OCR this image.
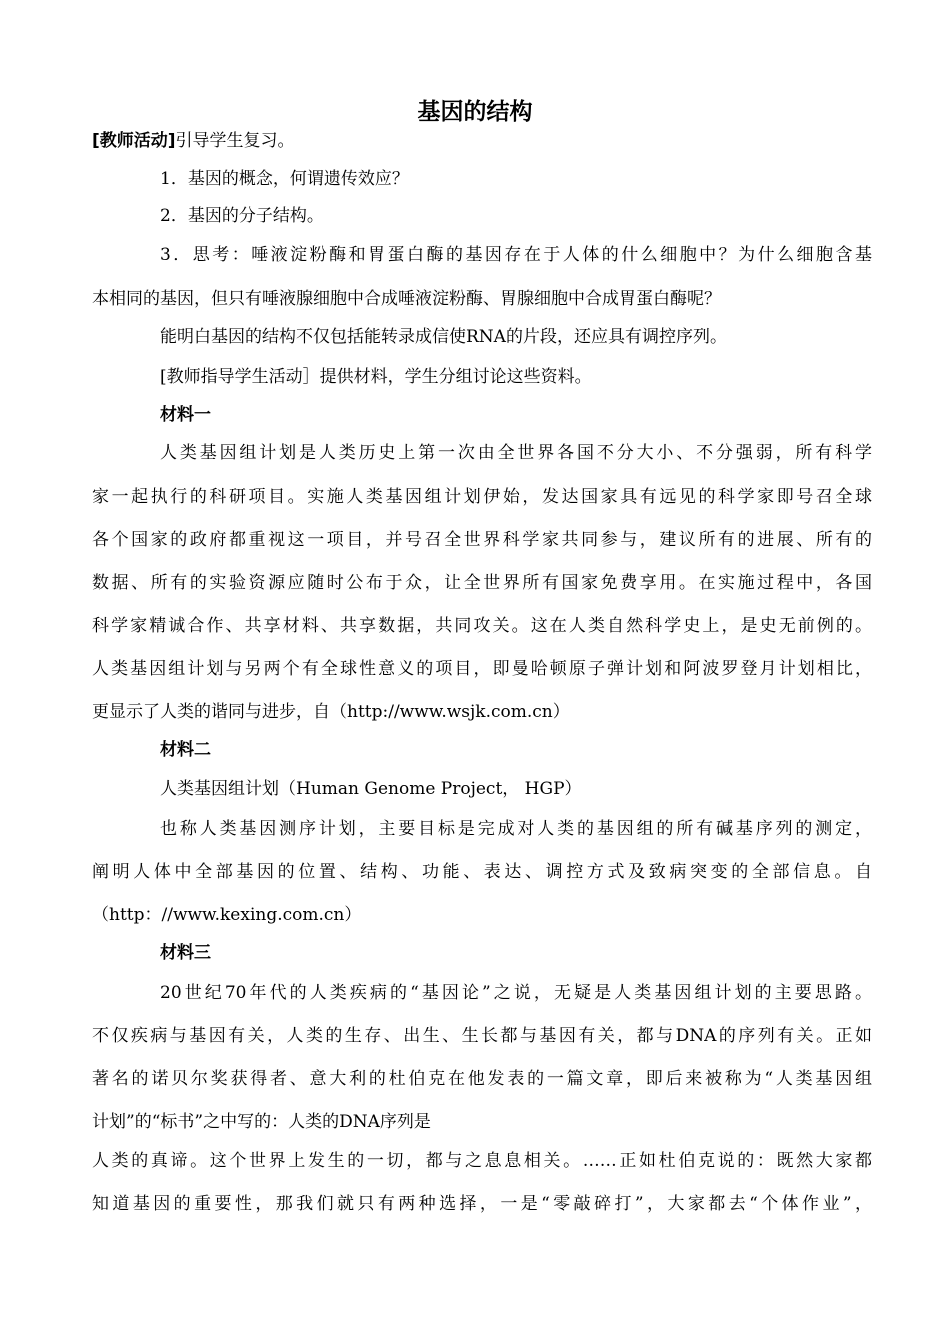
基因的结构

[教师活动]引导学生复习。

1．基因的概念，何谓遗传效应？

2．基因的分子结构。

3．思考：唾液淀粉酶和胃蛋白酶的基因存在于人体的什么细胞中？为什么细胞含基

本相同的基因，但只有唾液腺细胞中合成唾液淀粉酶、胃腺细胞中合成胃蛋白酶呢？

能明白基因的结构不仅包括能转录成信使RNA的片段，还应具有调控序列。

[教师指导学生活动］提供材料，学生分组讨论这些资料。

材料一

人类基因组计划是人类历史上第一次由全世界各国不分大小、不分强弱，所有科学

家一起执行的科研项目。实施人类基因组计划伊始，发达国家具有远见的科学家即号召全球

各个国家的政府都重视这一项目，并号召全世界科学家共同参与，建议所有的进展、所有的

数据、所有的实验资源应随时公布于众，让全世界所有国家免费享用。在实施过程中，各国

科学家精诚合作、共享材料、共享数据，共同攻关。这在人类自然科学史上，是史无前例的。

人类基因组计划与另两个有全球性意义的项目，即曼哈顿原子弹计划和阿波罗登月计划相比，

更显示了人类的谐同与进步，自（http://www.wsjk.com.cn）

材料二

人类基因组计划（Human Genome Project， HGP）

也称人类基因测序计划，主要目标是完成对人类的基因组的所有碱基序列的测定，

阐明人体中全部基因的位置、结构、功能、表达、调控方式及致病突变的全部信息。自

（http：//www.kexing.com.cn）

材料三

20世纪70年代的人类疾病的“基因论”之说，无疑是人类基因组计划的主要思路。

不仅疾病与基因有关，人类的生存、出生、生长都与基因有关，都与DNA的序列有关。正如

著名的诺贝尔奖获得者、意大利的杜伯克在他发表的一篇文章，即后来被称为“人类基因组

计划”的“标书”之中写的：人类的DNA序列是

人类的真谛。这个世界上发生的一切，都与之息息相关。……正如杜伯克说的：既然大家都

知道基因的重要性，那我们就只有两种选择，一是“零敲碎打”，大家都去“个体作业”，
